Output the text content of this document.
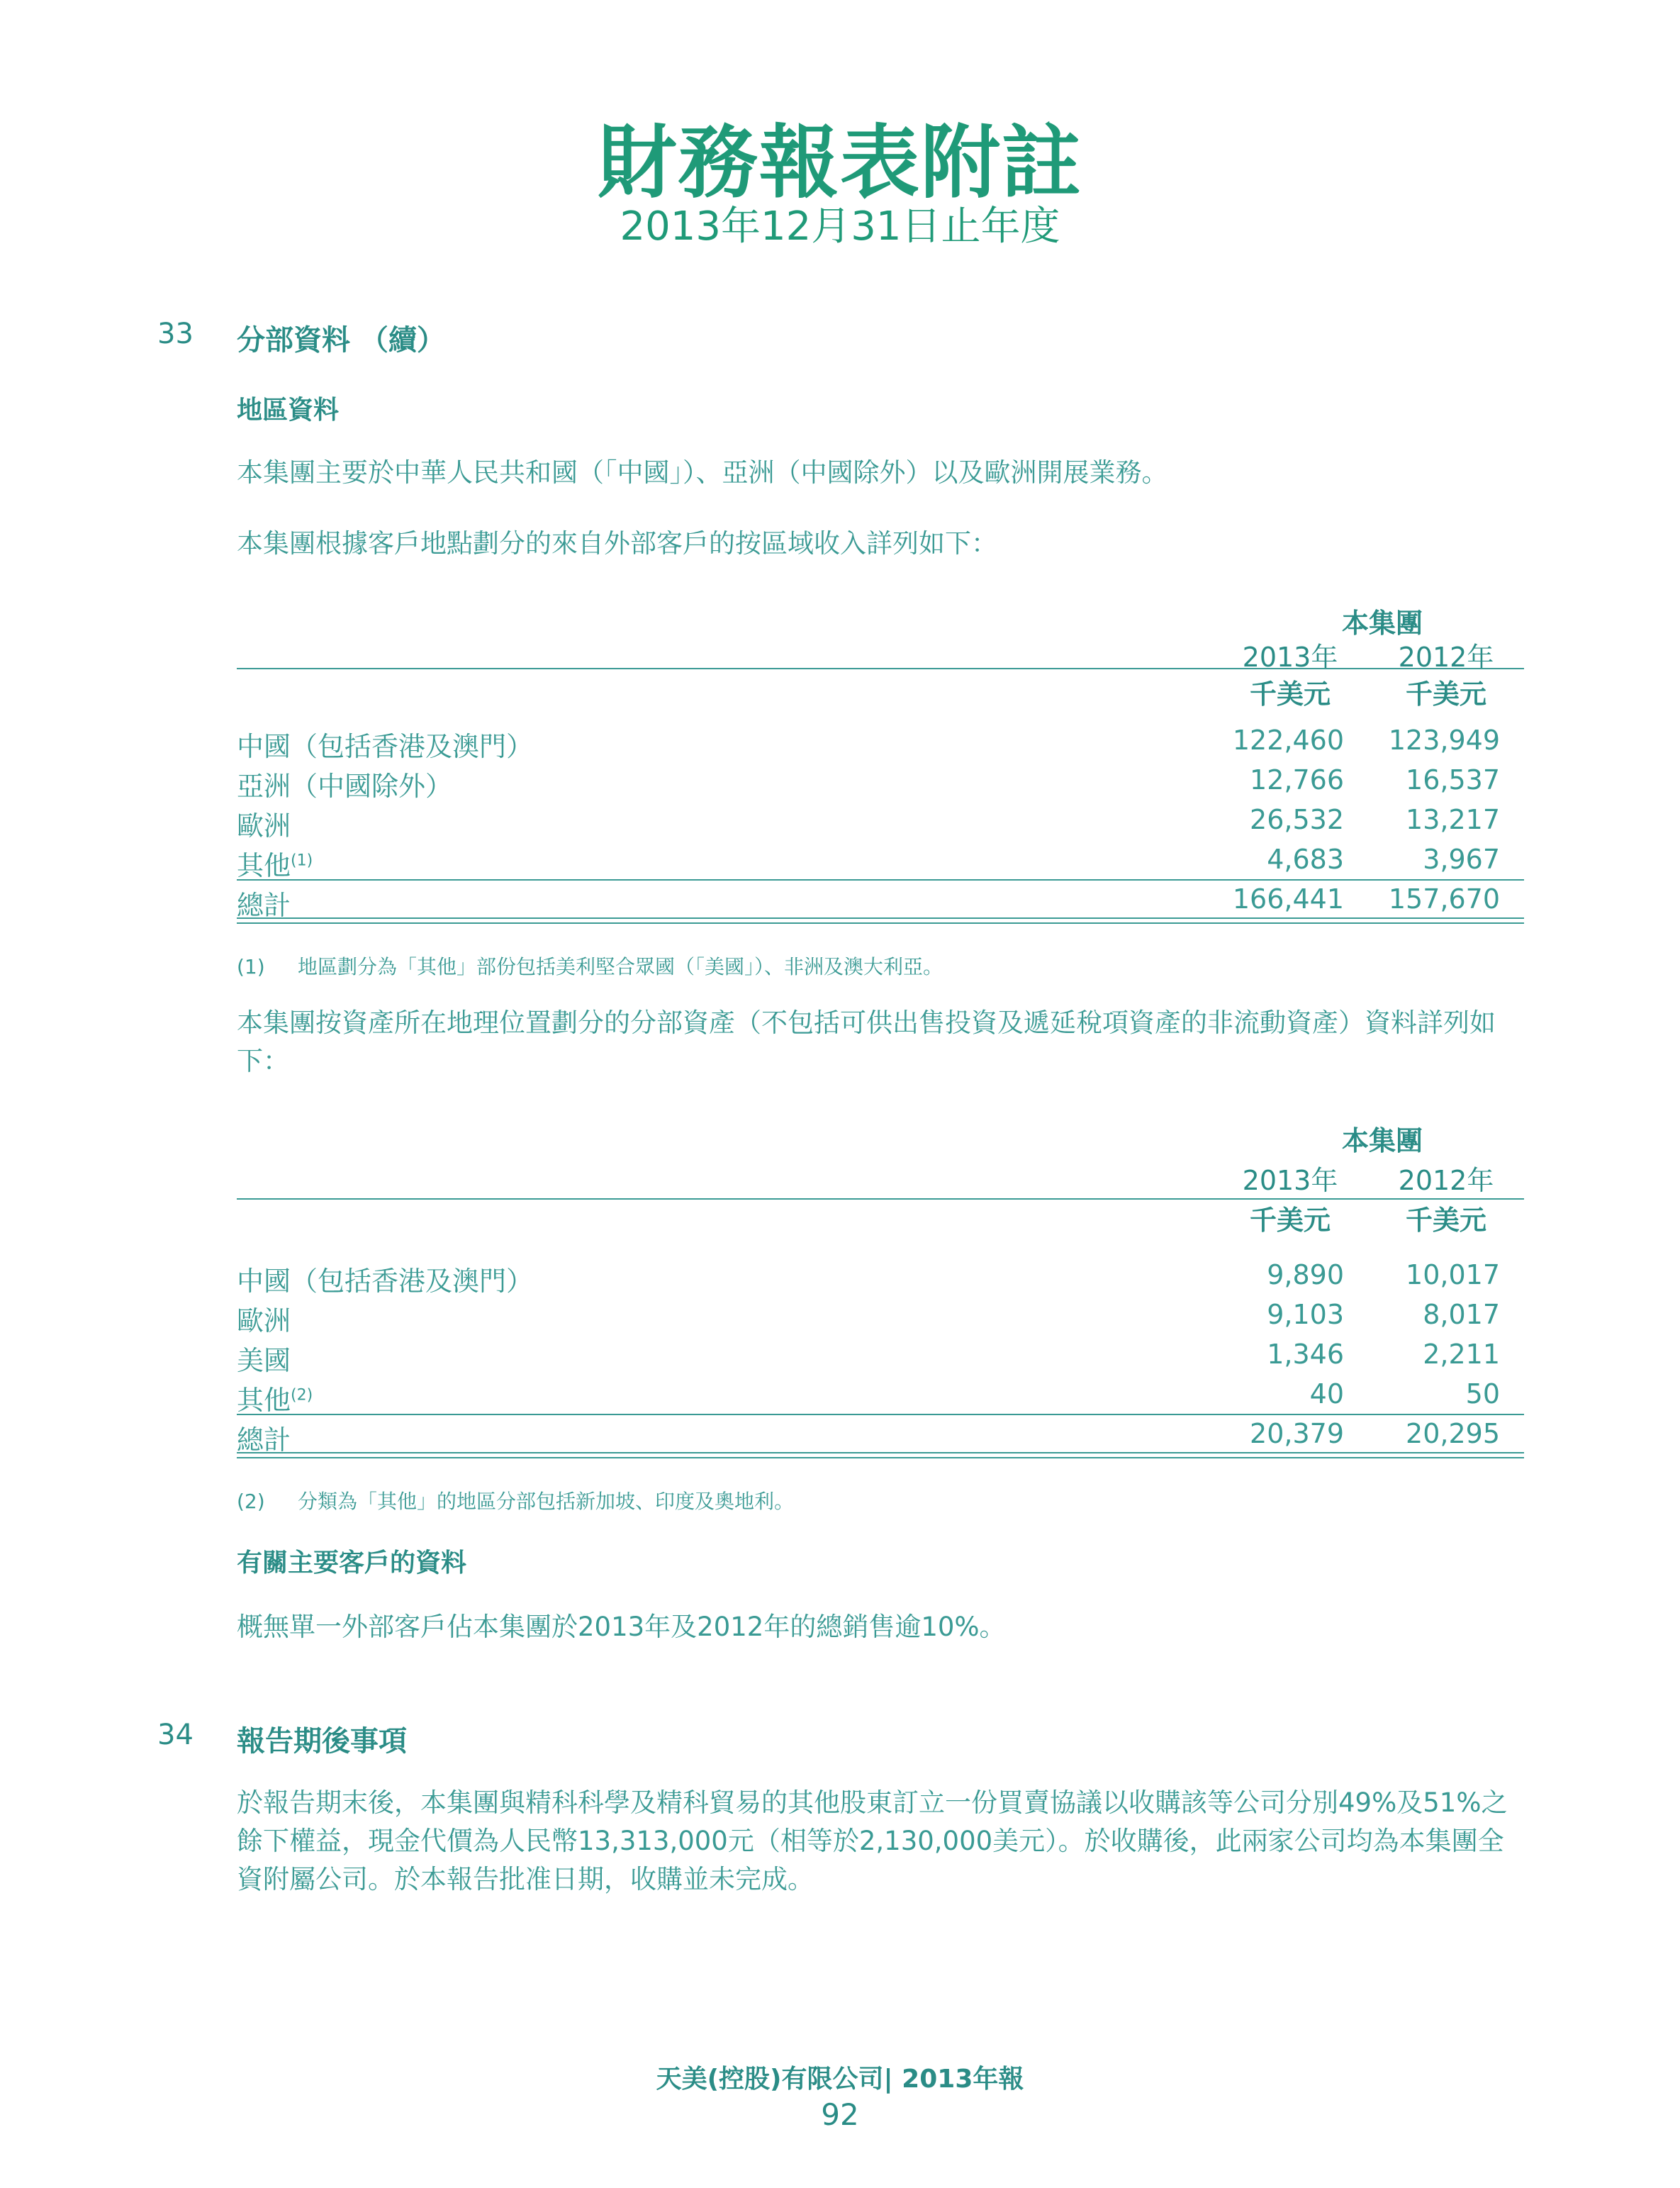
財務報表附註
2013年12月31日止年度
33 分部資料 （續）
地區資料
本集團主要於中華人民共和國（「中國」）、亞洲（中國除外）以及歐洲開展業務。
本集團根據客戶地點劃分的來自外部客戶的按區域收入詳列如下：
本集團
2013年	2012年
千美元	千美元
中國（包括香港及澳門）	122,460	123,949
亞洲（中國除外）	12,766	16,537
歐洲	26,532	13,217
其他$^{(1)}$	4,683	3,967
總計	166,441	157,670
(1) 地區劃分為「其他」部份包括美利堅合眾國（「美國」）、非洲及澳大利亞。
本集團按資產所在地理位置劃分的分部資產（不包括可供出售投資及遞延稅項資產的非流動資產）資料詳列如下：
本集團
2013年	2012年
千美元	千美元
中國（包括香港及澳門）	9,890	10,017
歐洲	9,103	8,017
美國	1,346	2,211
其他$^{(2)}$	40	50
總計	20,379	20,295
(2) 分類為「其他」的地區分部包括新加坡、印度及奧地利。
有關主要客戶的資料
概無單一外部客戶佔本集團於2013年及2012年的總銷售逾10%。
34 報告期後事項
於報告期末後，本集團與精科科學及精科貿易的其他股東訂立一份買賣協議以收購該等公司分別49%及51%之餘下權益，現金代價為人民幣13,313,000元（相等於2,130,000美元）。於收購後，此兩家公司均為本集團全資附屬公司。於本報告批准日期，收購並未完成。
天美(控股)有限公司| 2013年報
92
